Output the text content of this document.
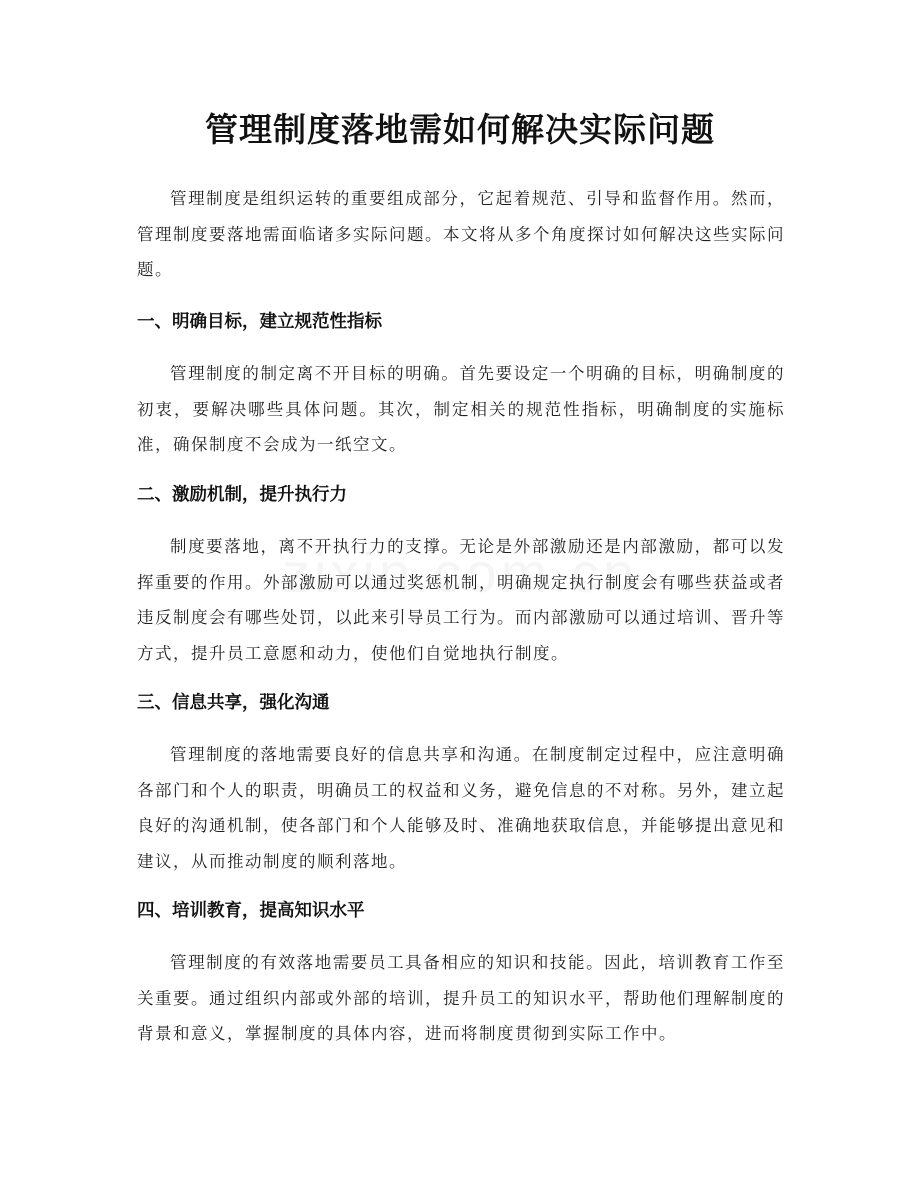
管理制度落地需如何解决实际问题
管理制度是组织运转的重要组成部分，它起着规范、引导和监督作用。然而，管理制度要落地需面临诸多实际问题。本文将从多个角度探讨如何解决这些实际问题。
一、明确目标，建立规范性指标
管理制度的制定离不开目标的明确。首先要设定一个明确的目标，明确制度的初衷，要解决哪些具体问题。其次，制定相关的规范性指标，明确制度的实施标准，确保制度不会成为一纸空文。
二、激励机制，提升执行力
制度要落地，离不开执行力的支撑。无论是外部激励还是内部激励，都可以发挥重要的作用。外部激励可以通过奖惩机制，明确规定执行制度会有哪些获益或者违反制度会有哪些处罚，以此来引导员工行为。而内部激励可以通过培训、晋升等方式，提升员工意愿和动力，使他们自觉地执行制度。
三、信息共享，强化沟通
管理制度的落地需要良好的信息共享和沟通。在制度制定过程中，应注意明确各部门和个人的职责，明确员工的权益和义务，避免信息的不对称。另外，建立起良好的沟通机制，使各部门和个人能够及时、准确地获取信息，并能够提出意见和建议，从而推动制度的顺利落地。
四、培训教育，提高知识水平
管理制度的有效落地需要员工具备相应的知识和技能。因此，培训教育工作至关重要。通过组织内部或外部的培训，提升员工的知识水平，帮助他们理解制度的背景和意义，掌握制度的具体内容，进而将制度贯彻到实际工作中。
